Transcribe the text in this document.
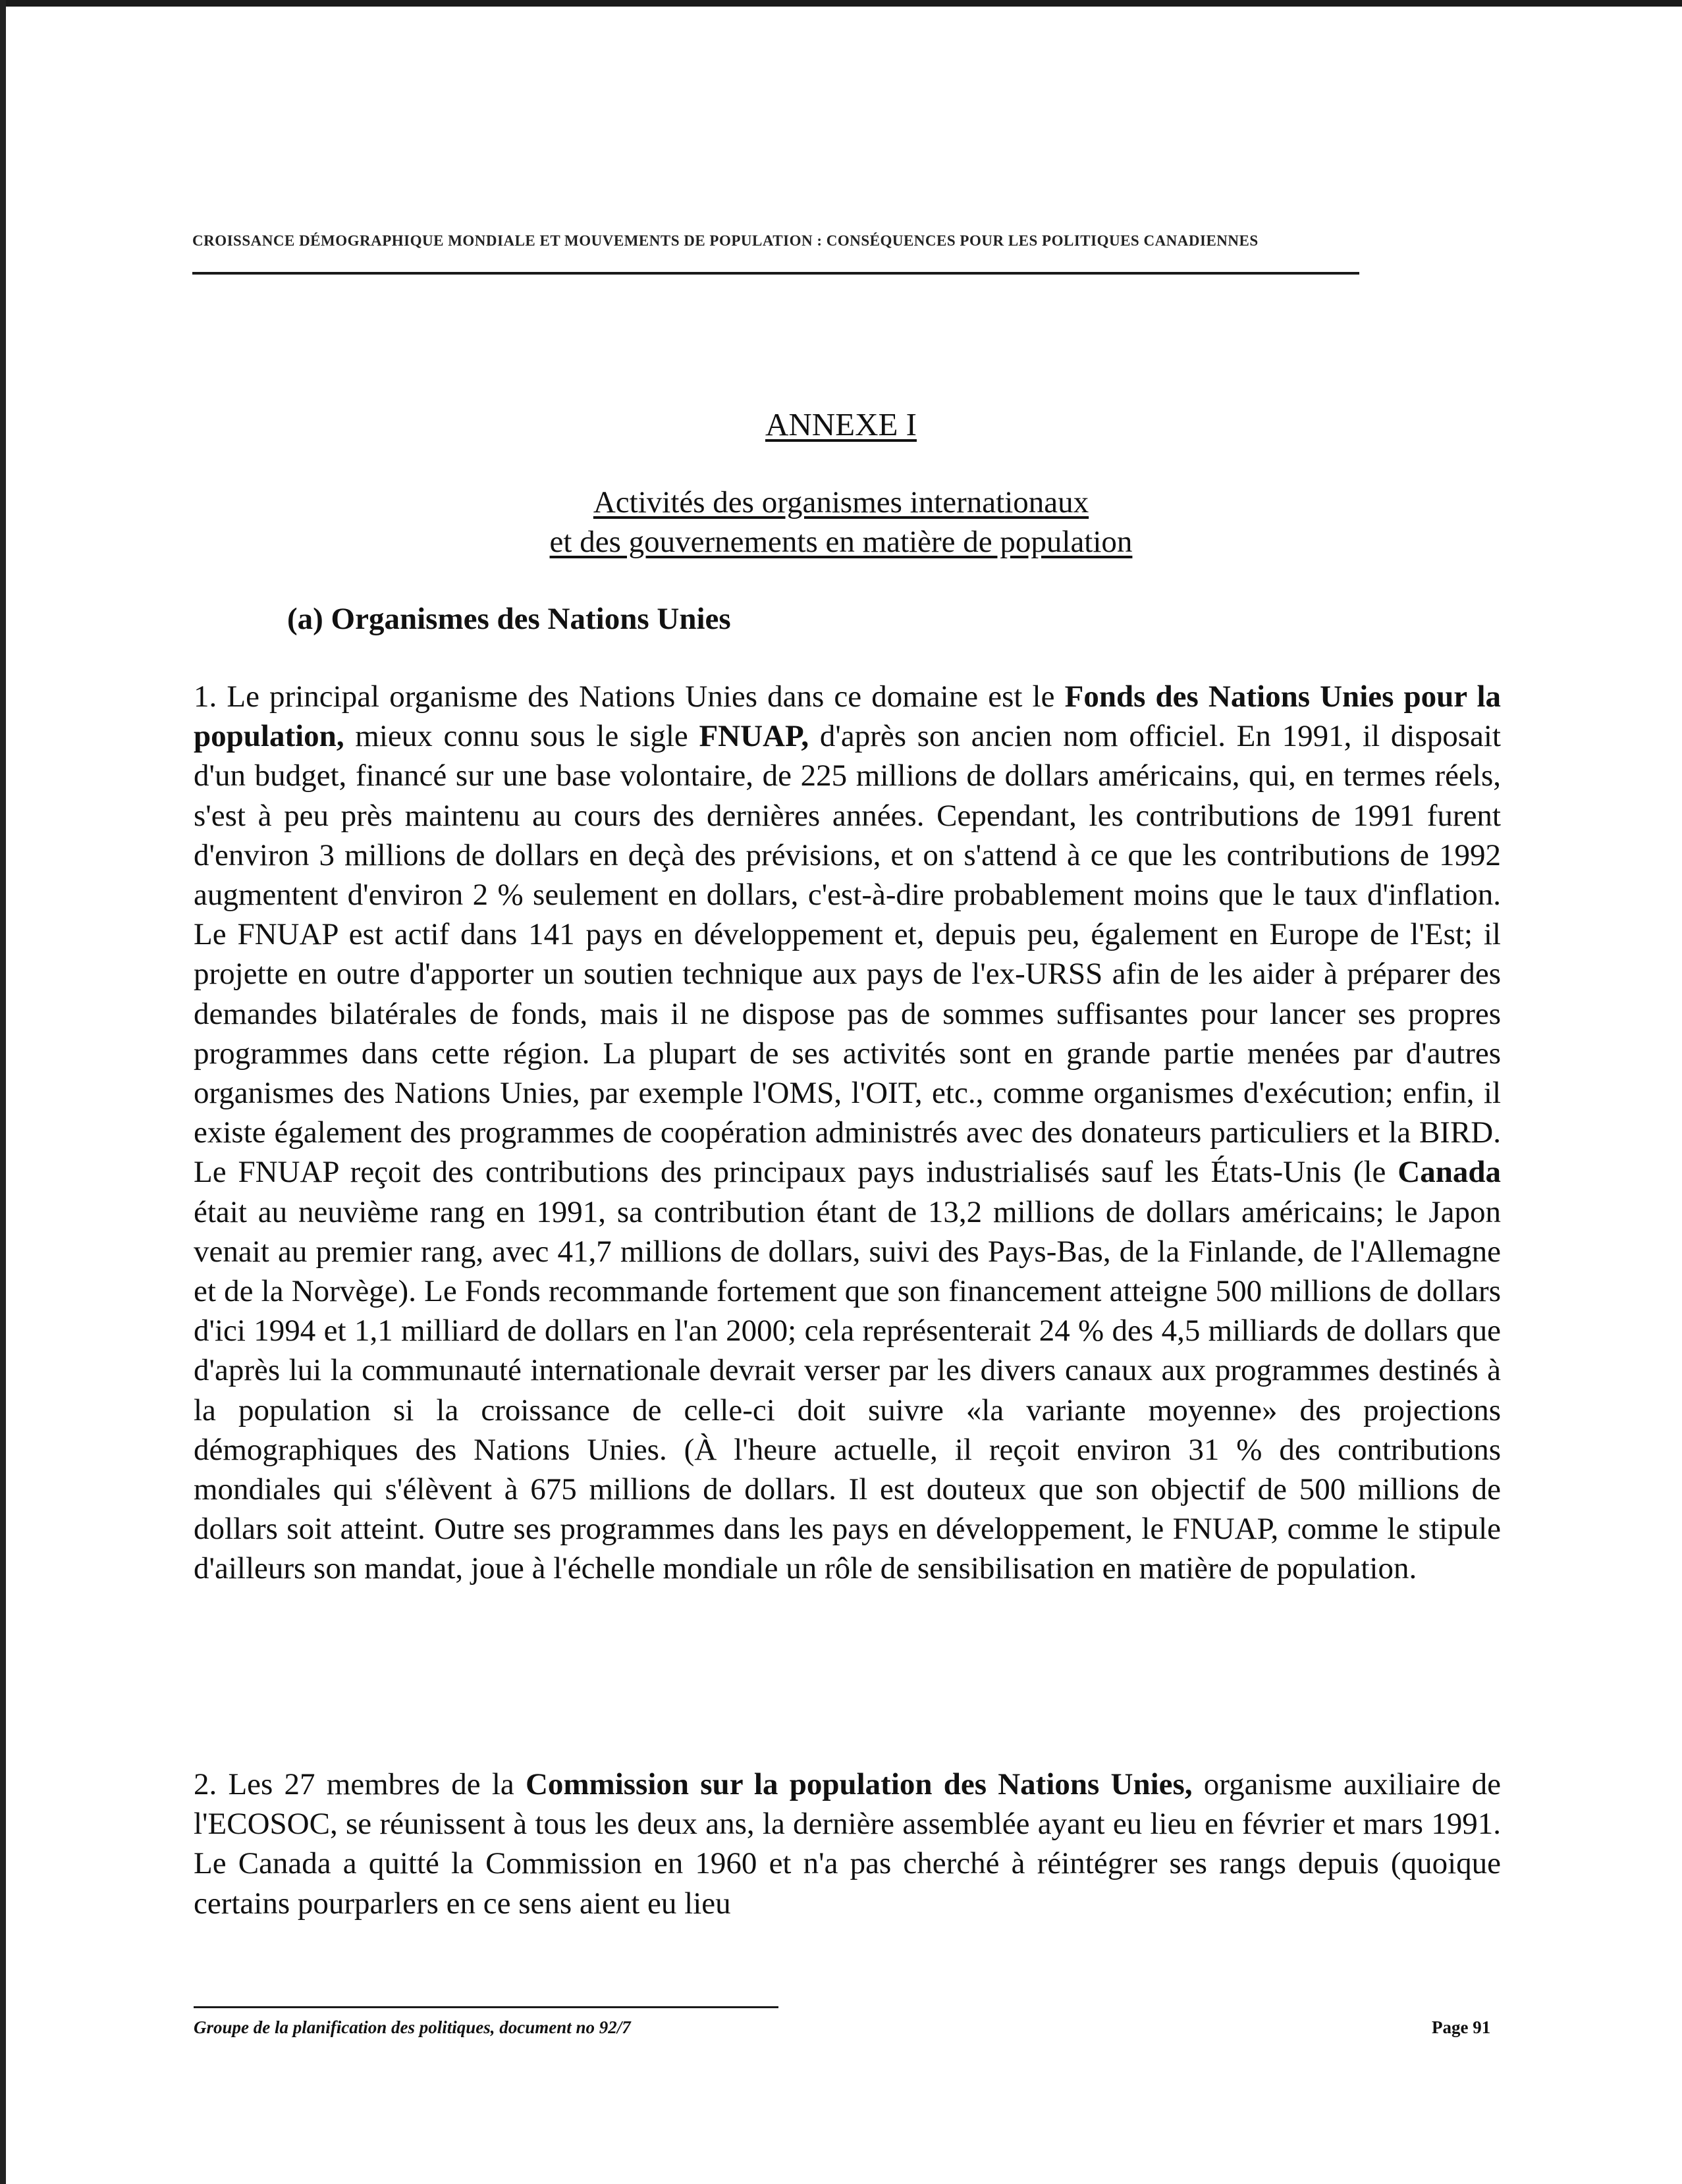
CROISSANCE DÉMOGRAPHIQUE MONDIALE ET MOUVEMENTS DE POPULATION : CONSÉQUENCES POUR LES POLITIQUES CANADIENNES
ANNEXE I
Activités des organismes internationaux
et des gouvernements en matière de population
(a) Organismes des Nations Unies

1. Le principal organisme des Nations Unies dans ce domaine est le Fonds des Nations Unies pour la population, mieux connu sous le sigle FNUAP, d'après son ancien nom officiel. En 1991, il disposait d'un budget, financé sur une base volontaire, de 225 millions de dollars américains, qui, en termes réels, s'est à peu près maintenu au cours des dernières années. Cependant, les contributions de 1991 furent d'environ 3 millions de dollars en deçà des prévisions, et on s'attend à ce que les contributions de 1992 augmentent d'environ 2 % seulement en dollars, c'est-à-dire probablement moins que le taux d'inflation. Le FNUAP est actif dans 141 pays en développement et, depuis peu, également en Europe de l'Est; il projette en outre d'apporter un soutien technique aux pays de l'ex-URSS afin de les aider à préparer des demandes bilatérales de fonds, mais il ne dispose pas de sommes suffisantes pour lancer ses propres programmes dans cette région. La plupart de ses activités sont en grande partie menées par d'autres organismes des Nations Unies, par exemple l'OMS, l'OIT, etc., comme organismes d'exécution; enfin, il existe également des programmes de coopération administrés avec des donateurs particuliers et la BIRD. Le FNUAP reçoit des contributions des principaux pays industrialisés sauf les États-Unis (le Canada était au neuvième rang en 1991, sa contribution étant de 13,2 millions de dollars américains; le Japon venait au premier rang, avec 41,7 millions de dollars, suivi des Pays-Bas, de la Finlande, de l'Allemagne et de la Norvège). Le Fonds recommande fortement que son financement atteigne 500 millions de dollars d'ici 1994 et 1,1 milliard de dollars en l'an 2000; cela représenterait 24 % des 4,5 milliards de dollars que d'après lui la communauté internationale devrait verser par les divers canaux aux programmes destinés à la population si la croissance de celle-ci doit suivre «la variante moyenne» des projections démographiques des Nations Unies. (À l'heure actuelle, il reçoit environ 31 % des contributions mondiales qui s'élèvent à 675 millions de dollars. Il est douteux que son objectif de 500 millions de dollars soit atteint. Outre ses programmes dans les pays en développement, le FNUAP, comme le stipule d'ailleurs son mandat, joue à l'échelle mondiale un rôle de sensibilisation en matière de population.

2. Les 27 membres de la Commission sur la population des Nations Unies, organisme auxiliaire de l'ECOSOC, se réunissent à tous les deux ans, la dernière assemblée ayant eu lieu en février et mars 1991. Le Canada a quitté la Commission en 1960 et n'a pas cherché à réintégrer ses rangs depuis (quoique certains pourparlers en ce sens aient eu lieu

Groupe de la planification des politiques, document no 92/7	Page 91
